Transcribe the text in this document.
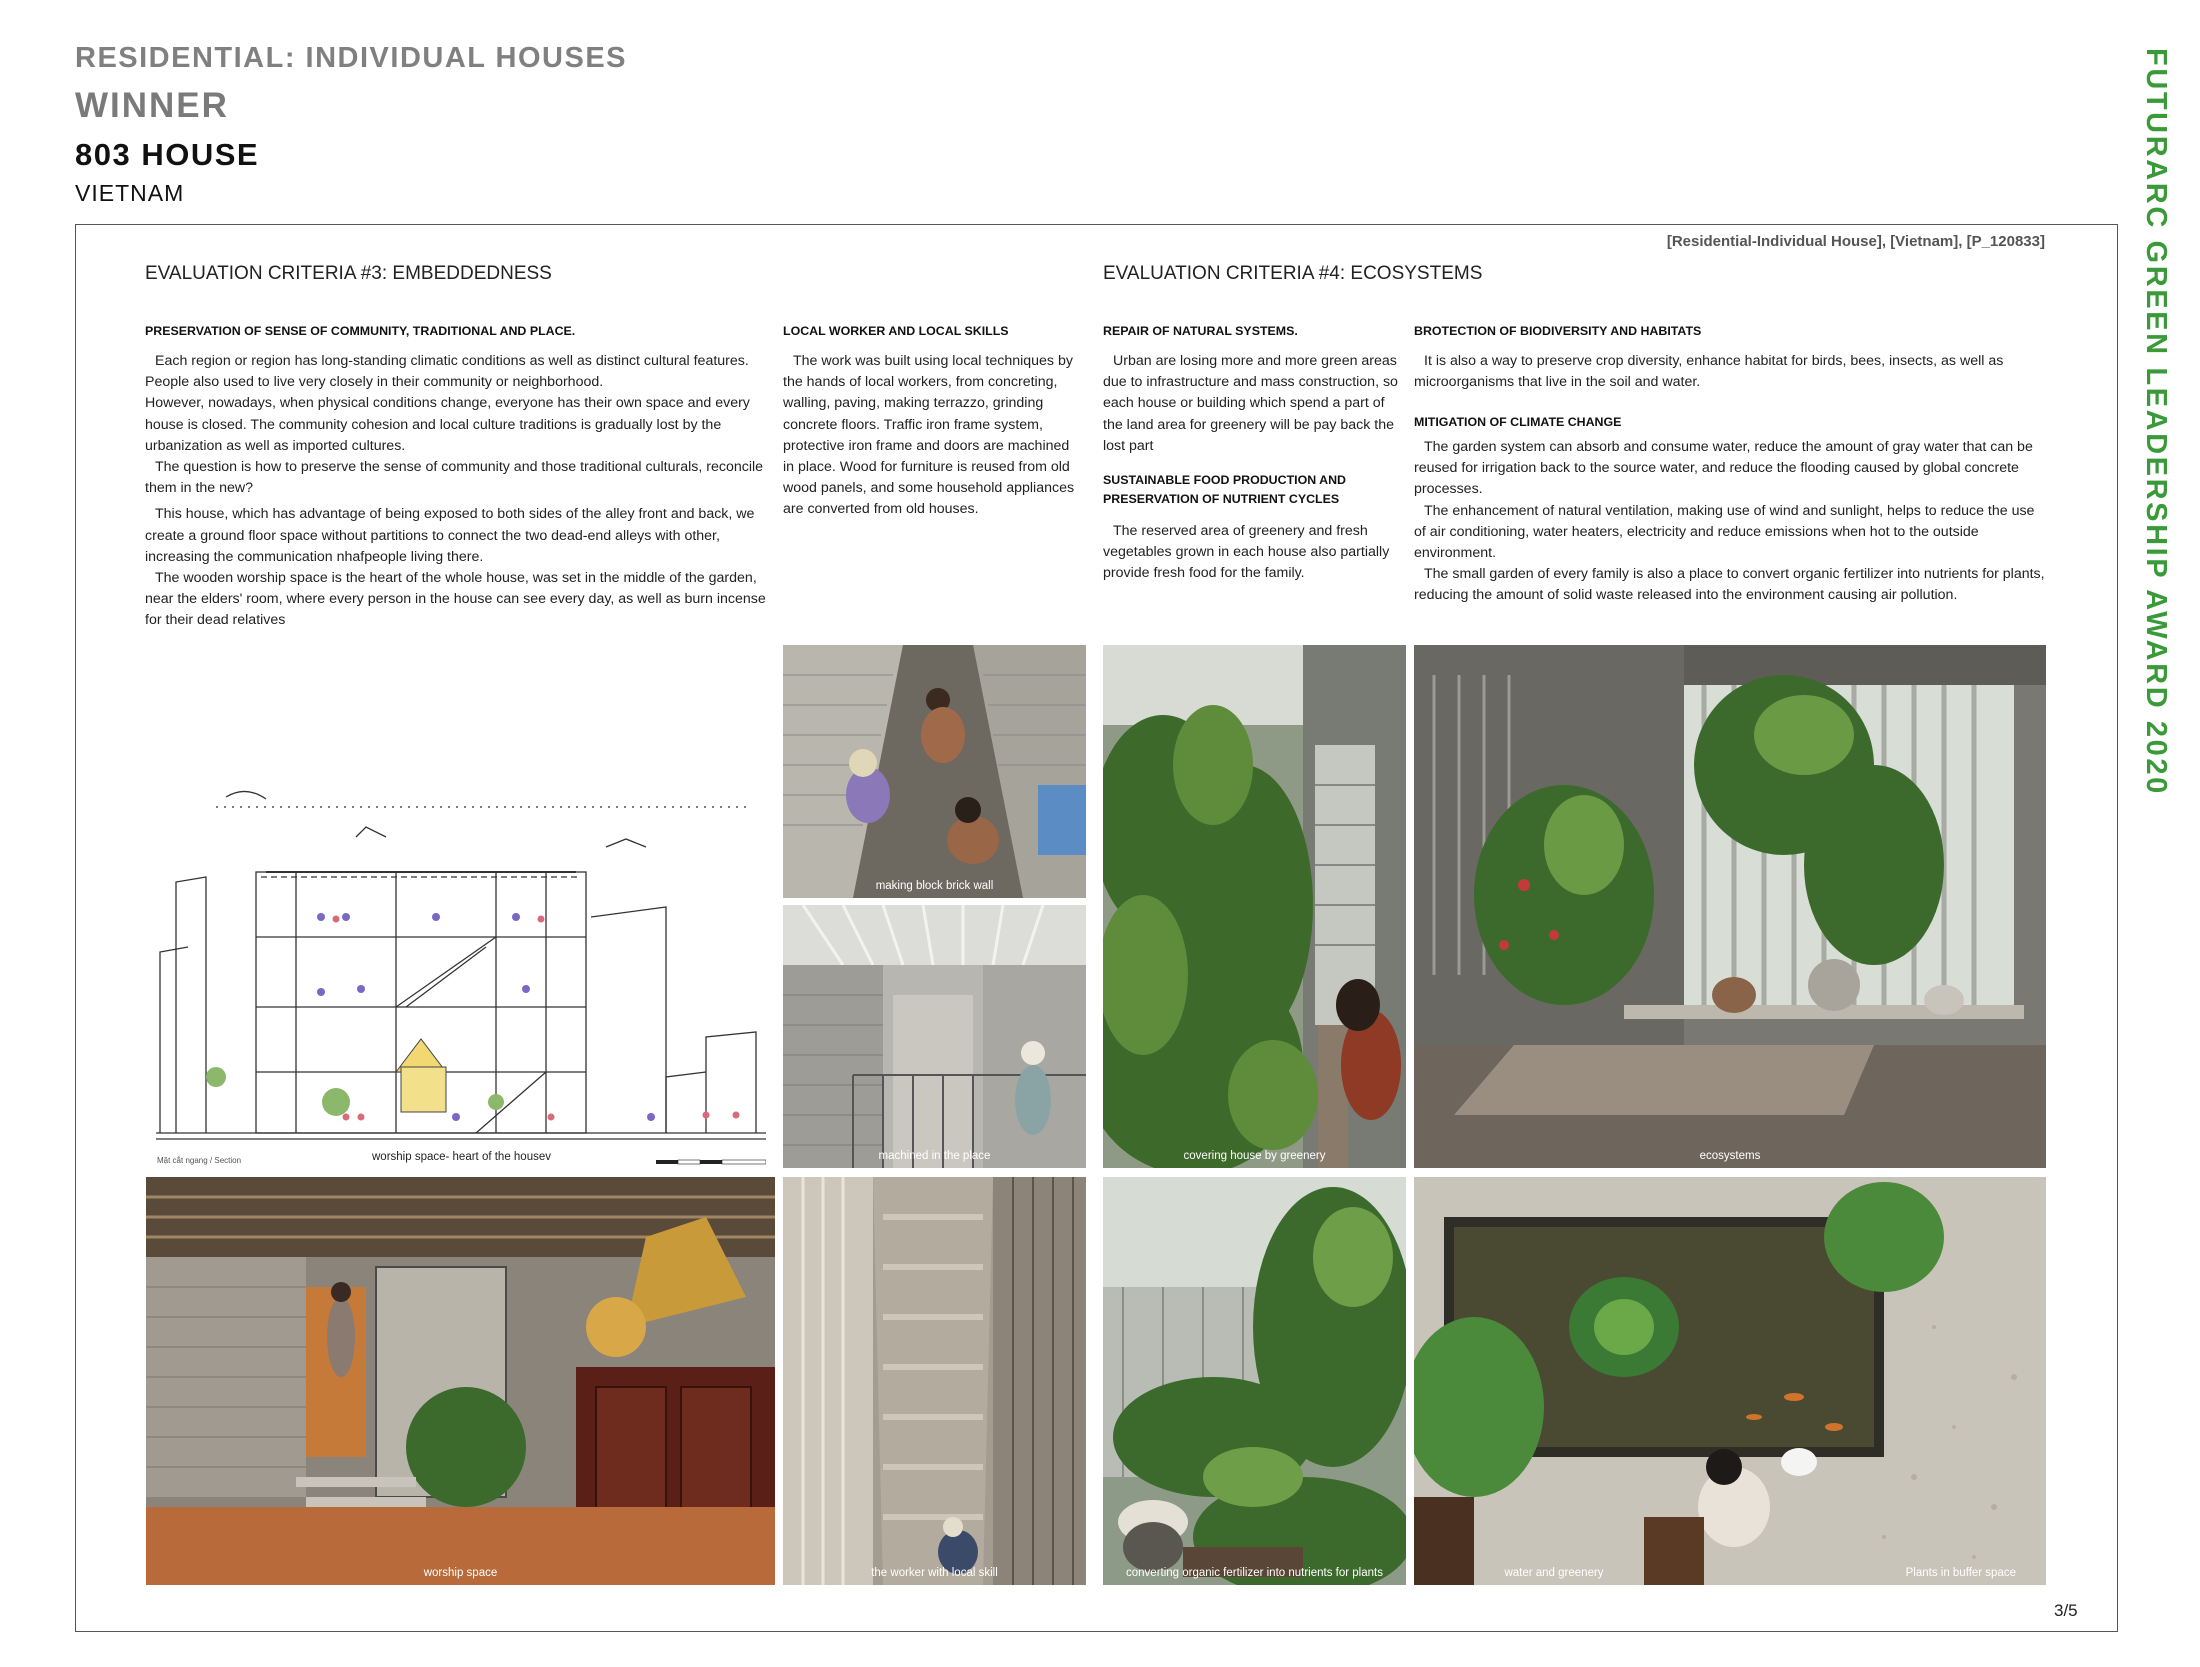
RESIDENTIAL: INDIVIDUAL HOUSES
WINNER
803 HOUSE
VIETNAM	FUTURARC GREEN LEADERSHIP AWARD 2020
[Residential-Individual House], [Vietnam], [P_120833]
EVALUATION CRITERIA #3: EMBEDDEDNESS
PRESERVATION OF SENSE OF COMMUNITY, TRADITIONAL AND PLACE.

Each region or region has long-standing climatic conditions as well as distinct cultural features. People also used to live very closely in their community or neighborhood.

However, nowadays, when physical conditions change, everyone has their own space and every house is closed. The community cohesion and local culture traditions is gradually lost by the urbanization as well as imported cultures.

The question is how to preserve the sense of community and those traditional culturals, reconcile them in the new?

This house, which has advantage of being exposed to both sides of the alley front and back, we create a ground floor space without partitions to connect the two dead-end alleys with other, increasing the communication nhafpeople living there.

The wooden worship space is the heart of the whole house, was set in the middle of the garden, near the elders' room, where every person in the house can see every day, as well as burn incense for their dead relatives

LOCAL WORKER AND LOCAL SKILLS

The work was built using local techniques by the hands of local workers, from concreting, walling, paving, making terrazzo, grinding concrete floors. Traffic iron frame system, protective iron frame and doors are machined in place. Wood for furniture is reused from old wood panels, and some household appliances are converted from old houses.

EVALUATION CRITERIA #4: ECOSYSTEMS
REPAIR OF NATURAL SYSTEMS.

Urban are losing more and more green areas due to infrastructure and mass construction, so each house or building which spend a part of the land area for greenery will be pay back the lost part

SUSTAINABLE FOOD PRODUCTION AND PRESERVATION OF NUTRIENT CYCLES

The reserved area of greenery and fresh vegetables grown in each house also partially provide fresh food for the family.

BROTECTION OF BIODIVERSITY AND HABITATS

It is also a way to preserve crop diversity, enhance habitat for birds, bees, insects, as well as microorganisms that live in the soil and water.

MITIGATION OF CLIMATE CHANGE

The garden system can absorb and consume water, reduce the amount of gray water that can be reused for irrigation back to the source water, and reduce the flooding caused by global concrete processes.

The enhancement of natural ventilation, making use of wind and sunlight, helps to reduce the use of air conditioning, water heaters, electricity and reduce emissions when hot to the outside environment.

The small garden of every family is also a place to convert organic fertilizer into nutrients for plants, reducing the amount of solid waste released into the environment causing air pollution.

Mặt cắt ngang / Section	worship space- heart of the housev
making block brick wall
machined in the place	covering house by greenery	ecosystems
worship space	the worker with local skill	converting organic fertilizer into nutrients for plants	water and greenery	Plants in buffer space
3/5
